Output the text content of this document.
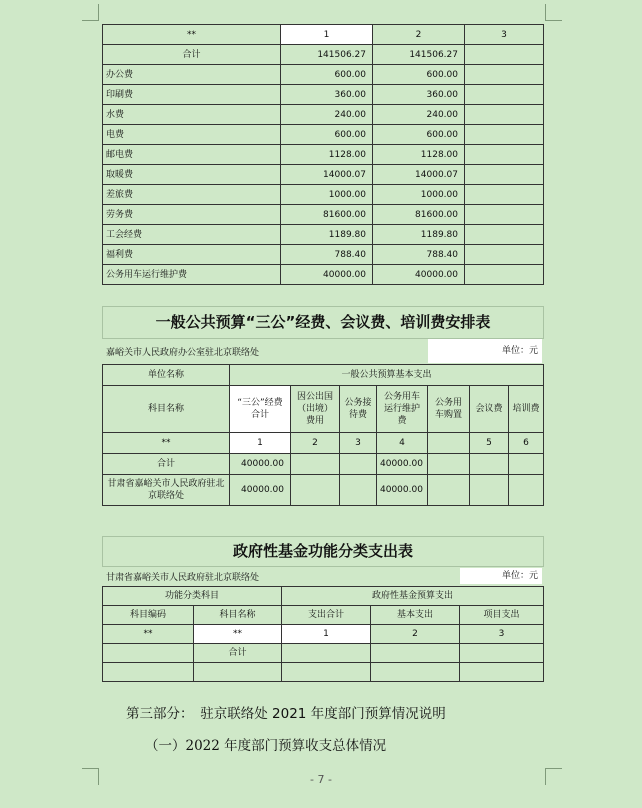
**	1	2	3
合计	141506.27	141506.27	
办公费	600.00	600.00	
印刷费	360.00	360.00	
水费	240.00	240.00	
电费	600.00	600.00	
邮电费	1128.00	1128.00	
取暖费	14000.07	14000.07	
差旅费	1000.00	1000.00	
劳务费	81600.00	81600.00	
工会经费	1189.80	1189.80	
福利费	788.40	788.40	
公务用车运行维护费	40000.00	40000.00	
一般公共预算“三公”经费、会议费、培训费安排表
嘉峪关市人民政府办公室驻北京联络处	单位：元
单位名称	一般公共预算基本支出						
科目名称	“三公”经费合计	因公出国（出境）费用	公务接待费	公务用车运行维护费	公务用车购置	会议费	培训费
**	1	2	3	4		5	6
合计	40000.00			40000.00			
甘肃省嘉峪关市人民政府驻北京联络处	40000.00			40000.00			
政府性基金功能分类支出表
甘肃省嘉峪关市人民政府驻北京联络处	单位：元
功能分类科目		政府性基金预算支出		
科目编码	科目名称	支出合计	基本支出	项目支出
**	**	1	2	3
	合计			

第三部分：　驻京联络处 2021 年度部门预算情况说明
（一）2022 年度部门预算收支总体情况
- 7 -
